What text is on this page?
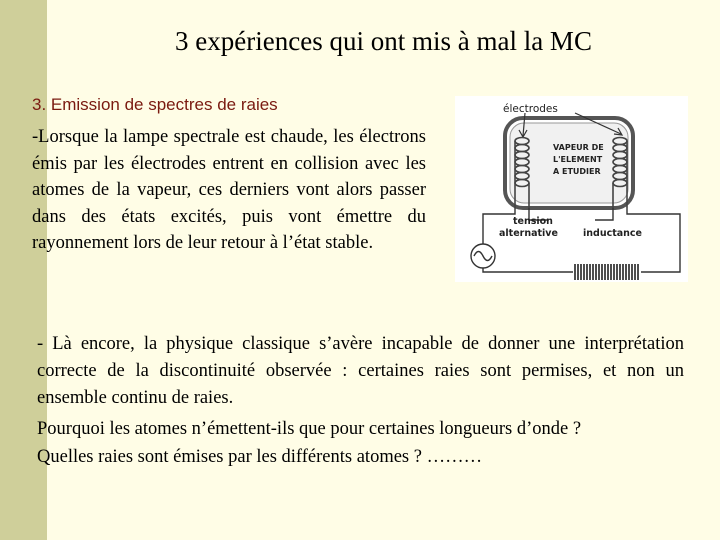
3 expériences qui ont mis à mal la MC
3. Emission de spectres de raies
-Lorsque la lampe spectrale est chaude, les électrons émis par les électrodes entrent en collision avec les atomes de la vapeur, ces derniers vont alors passer dans des états excités, puis vont émettre du rayonnement lors de leur retour à l’état stable.
électrodes
VAPEUR DE
L'ELEMENT
A ETUDIER
tension
alternative	inductance
- Là encore, la physique classique s’avère incapable de donner une interprétation correcte de la discontinuité observée : certaines raies sont permises, et non un ensemble continu de raies.
Pourquoi les atomes n’émettent-ils que pour certaines longueurs d’onde ?
Quelles raies sont émises par les différents atomes ? ………
